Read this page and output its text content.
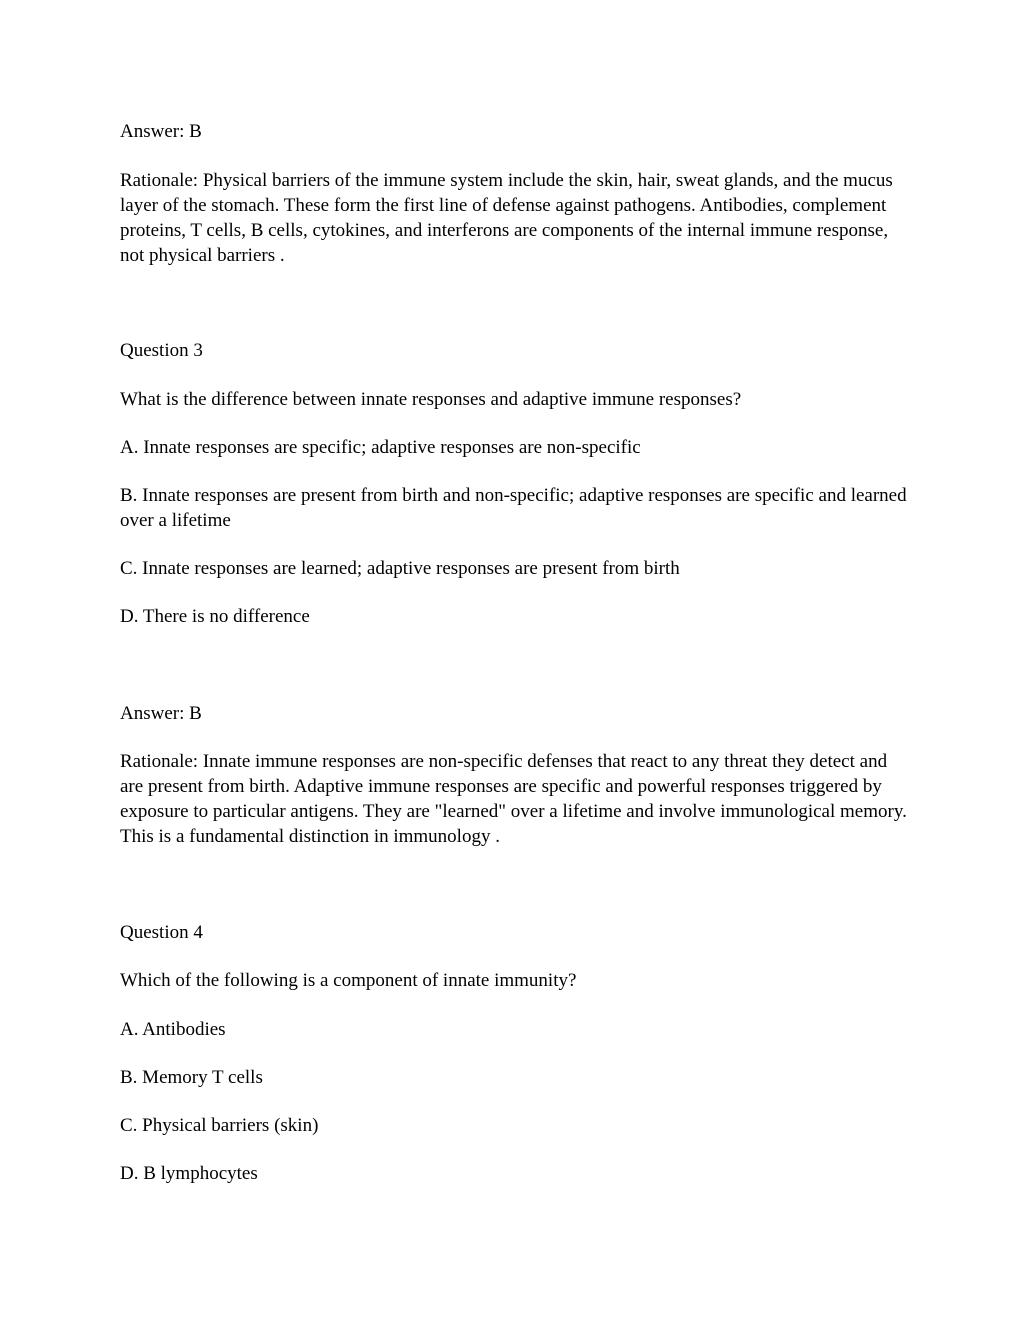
Answer: B

Rationale: Physical barriers of the immune system include the skin, hair, sweat glands, and the mucus layer of the stomach. These form the first line of defense against pathogens. Antibodies, complement proteins, T cells, B cells, cytokines, and interferons are components of the internal immune response, not physical barriers .

Question 3

What is the difference between innate responses and adaptive immune responses?

A. Innate responses are specific; adaptive responses are non-specific

B. Innate responses are present from birth and non-specific; adaptive responses are specific and learned over a lifetime

C. Innate responses are learned; adaptive responses are present from birth

D. There is no difference

Answer: B

Rationale: Innate immune responses are non-specific defenses that react to any threat they detect and are present from birth. Adaptive immune responses are specific and powerful responses triggered by exposure to particular antigens. They are "learned" over a lifetime and involve immunological memory. This is a fundamental distinction in immunology .

Question 4

Which of the following is a component of innate immunity?

A. Antibodies

B. Memory T cells

C. Physical barriers (skin)

D. B lymphocytes
